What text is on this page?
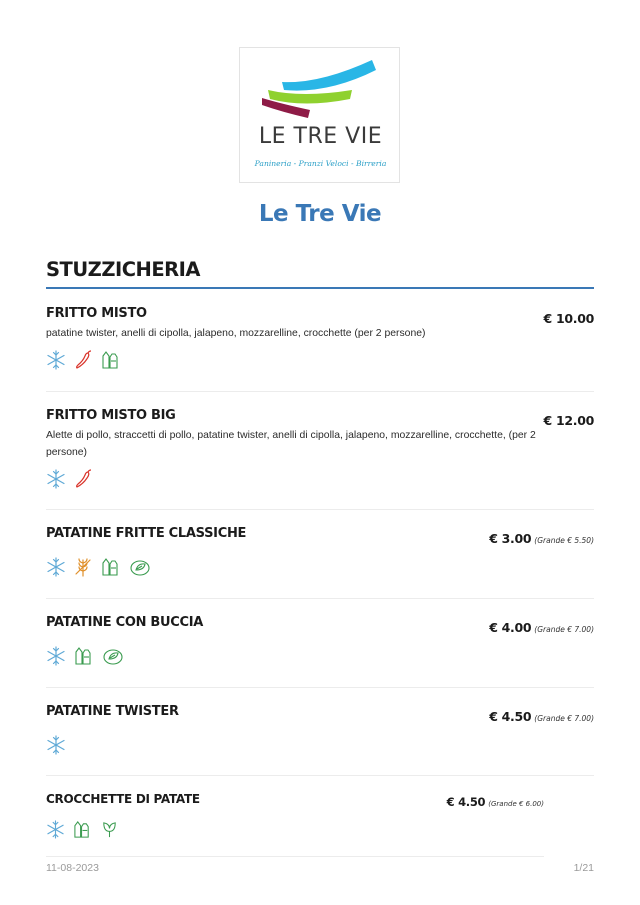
LE TRE VIE
Panineria - Pranzi Veloci - Birreria
Le Tre Vie
STUZZICHERIA
FRITTO MISTO	€ 10.00
patatine twister, anelli di cipolla, jalapeno, mozzarelline, crocchette (per 2 persone)
FRITTO MISTO BIG	€ 12.00
Alette di pollo, straccetti di pollo, patatine twister, anelli di cipolla, jalapeno, mozzarelline, crocchette, (per 2 persone)
PATATINE FRITTE CLASSICHE	€ 3.00 (Grande € 5.50)
PATATINE CON BUCCIA	€ 4.00 (Grande € 7.00)
PATATINE TWISTER	€ 4.50 (Grande € 7.00)
CROCCHETTE DI PATATE	€ 4.50 (Grande € 6.00)
11-08-2023	1/21
